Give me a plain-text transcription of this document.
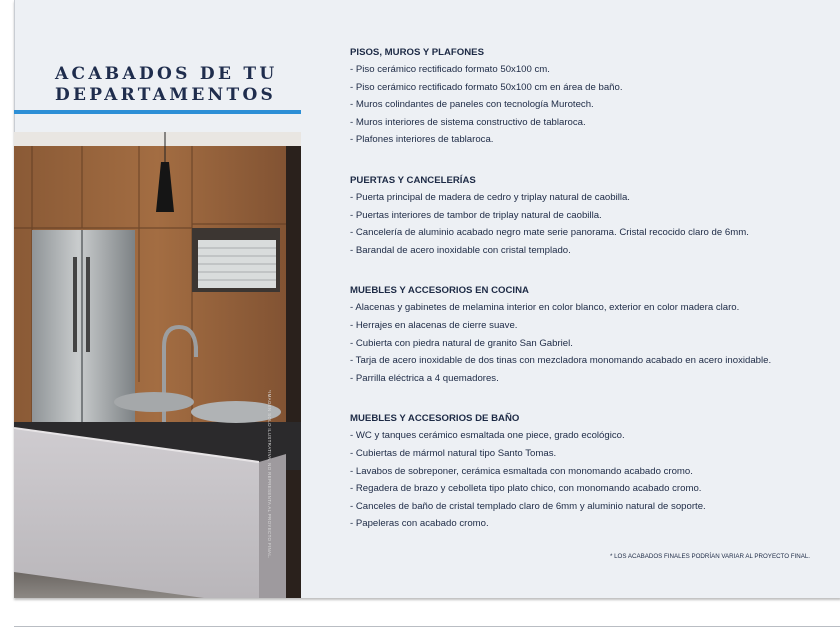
ACABADOS DE TU
DEPARTAMENTOS
*IMAGEN SOLO ILUSTRATIVA, NO REPRESENTA AL PROYECTO FINAL.
PISOS, MUROS Y PLAFONES
- Piso cerámico rectificado formato 50x100 cm.
- Piso cerámico rectificado formato 50x100 cm en área de baño.
- Muros colindantes de paneles con tecnología Murotech.
- Muros interiores de sistema constructivo de tablaroca.
- Plafones interiores de tablaroca.
PUERTAS Y CANCELERÍAS
- Puerta principal de madera de cedro y triplay natural de caobilla.
- Puertas interiores de tambor de triplay natural de caobilla.
- Cancelería de aluminio acabado negro mate serie panorama. Cristal recocido claro de 6mm.
- Barandal de acero inoxidable con cristal templado.
MUEBLES Y ACCESORIOS EN COCINA
- Alacenas y gabinetes de melamina interior en color blanco, exterior en color madera claro.
- Herrajes en alacenas de cierre suave.
- Cubierta con piedra natural de granito San Gabriel.
- Tarja de acero inoxidable de dos tinas con mezcladora monomando acabado en acero inoxidable.
- Parrilla eléctrica a 4 quemadores.
MUEBLES Y ACCESORIOS DE BAÑO
- WC y tanques cerámico esmaltada one piece, grado ecológico.
- Cubiertas de mármol natural tipo Santo Tomas.
- Lavabos de sobreponer, cerámica esmaltada con monomando acabado cromo.
- Regadera de brazo y cebolleta tipo plato chico, con monomando acabado cromo.
- Canceles de baño de cristal templado claro de 6mm y aluminio natural de soporte.
- Papeleras con acabado cromo.
* LOS ACABADOS FINALES PODRÍAN VARIAR AL PROYECTO FINAL.
